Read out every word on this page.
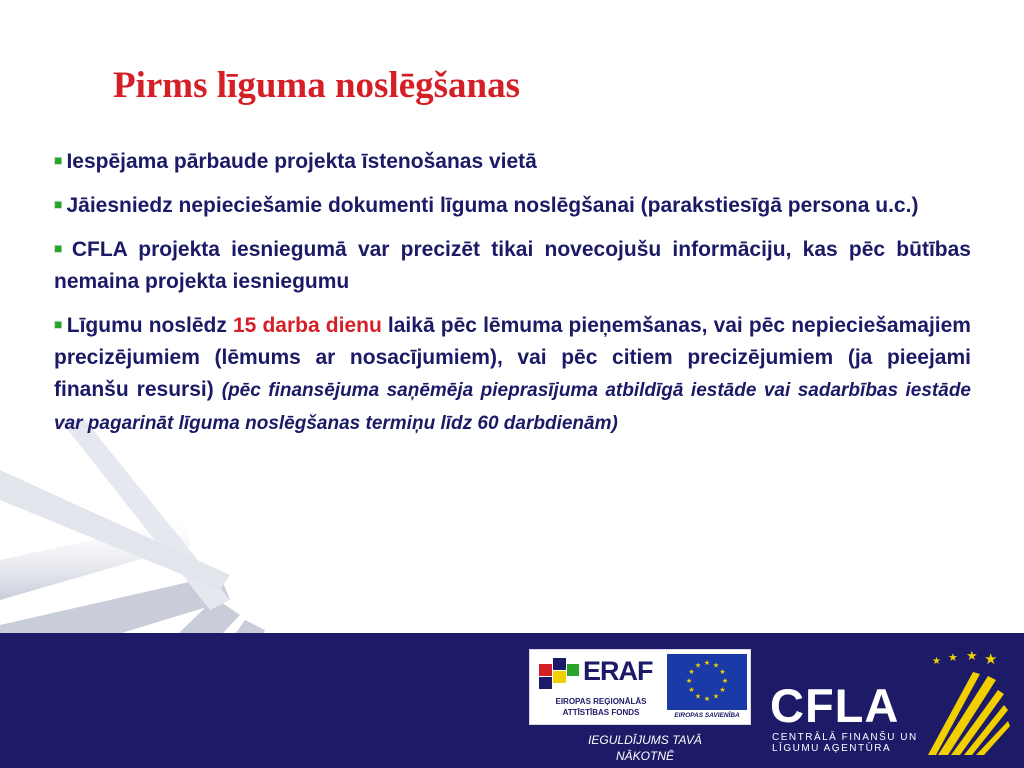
Pirms līguma noslēgšanas

■ Iespējama pārbaude projekta īstenošanas vietā

■ Jāiesniedz nepieciešamie dokumenti līguma noslēgšanai (parakstiesīgā persona u.c.)

■ CFLA projekta iesniegumā var precizēt tikai novecojušu informāciju, kas pēc būtības nemaina projekta iesniegumu

■ Līgumu noslēdz 15 darba dienu laikā pēc lēmuma pieņemšanas, vai pēc nepieciešamajiem precizējumiem (lēmums ar nosacījumiem), vai pēc citiem precizējumiem (ja pieejami finanšu resursi) (pēc finansējuma saņēmēja pieprasījuma atbildīgā iestāde vai sadarbības iestāde var pagarināt līguma noslēgšanas termiņu līdz 60 darbdienām)

ERAF
EIROPAS REĢIONĀLĀS ATTĪSTĪBAS FONDS
★ ★
★
★
★
★
★
★
★
★
★
★
EIROPAS SAVIENĪBA
IEGULDĪJUMS TAVĀ NĀKOTNĒ
CFLA
CENTRĀLĀ FINANŠU UN LĪGUMU AĢENTŪRA
★ ★ ★ ★
